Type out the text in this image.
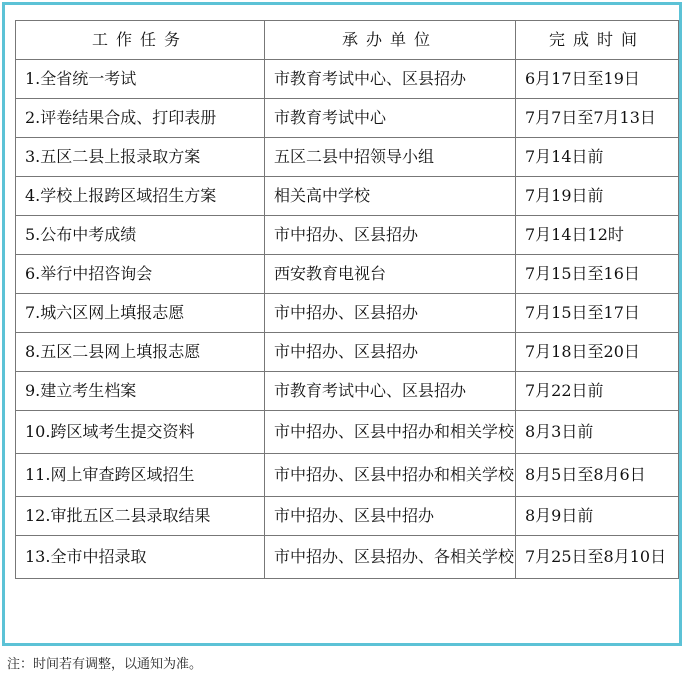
工作任务	承办单位	完成时间
1.全省统一考试	市教育考试中心、区县招办	6月17日至19日
2.评卷结果合成、打印表册	市教育考试中心	7月7日至7月13日
3.五区二县上报录取方案	五区二县中招领导小组	7月14日前
4.学校上报跨区域招生方案	相关高中学校	7月19日前
5.公布中考成绩	市中招办、区县招办	7月14日12时
6.举行中招咨询会	西安教育电视台	7月15日至16日
7.城六区网上填报志愿	市中招办、区县招办	7月15日至17日
8.五区二县网上填报志愿	市中招办、区县招办	7月18日至20日
9.建立考生档案	市教育考试中心、区县招办	7月22日前
10.跨区域考生提交资料	市中招办、区县中招办和相关学校	8月3日前
11.网上审查跨区域招生	市中招办、区县中招办和相关学校	8月5日至8月6日
12.审批五区二县录取结果	市中招办、区县中招办	8月9日前
13.全市中招录取	市中招办、区县招办、各相关学校	7月25日至8月10日
注：时间若有调整，以通知为准。
